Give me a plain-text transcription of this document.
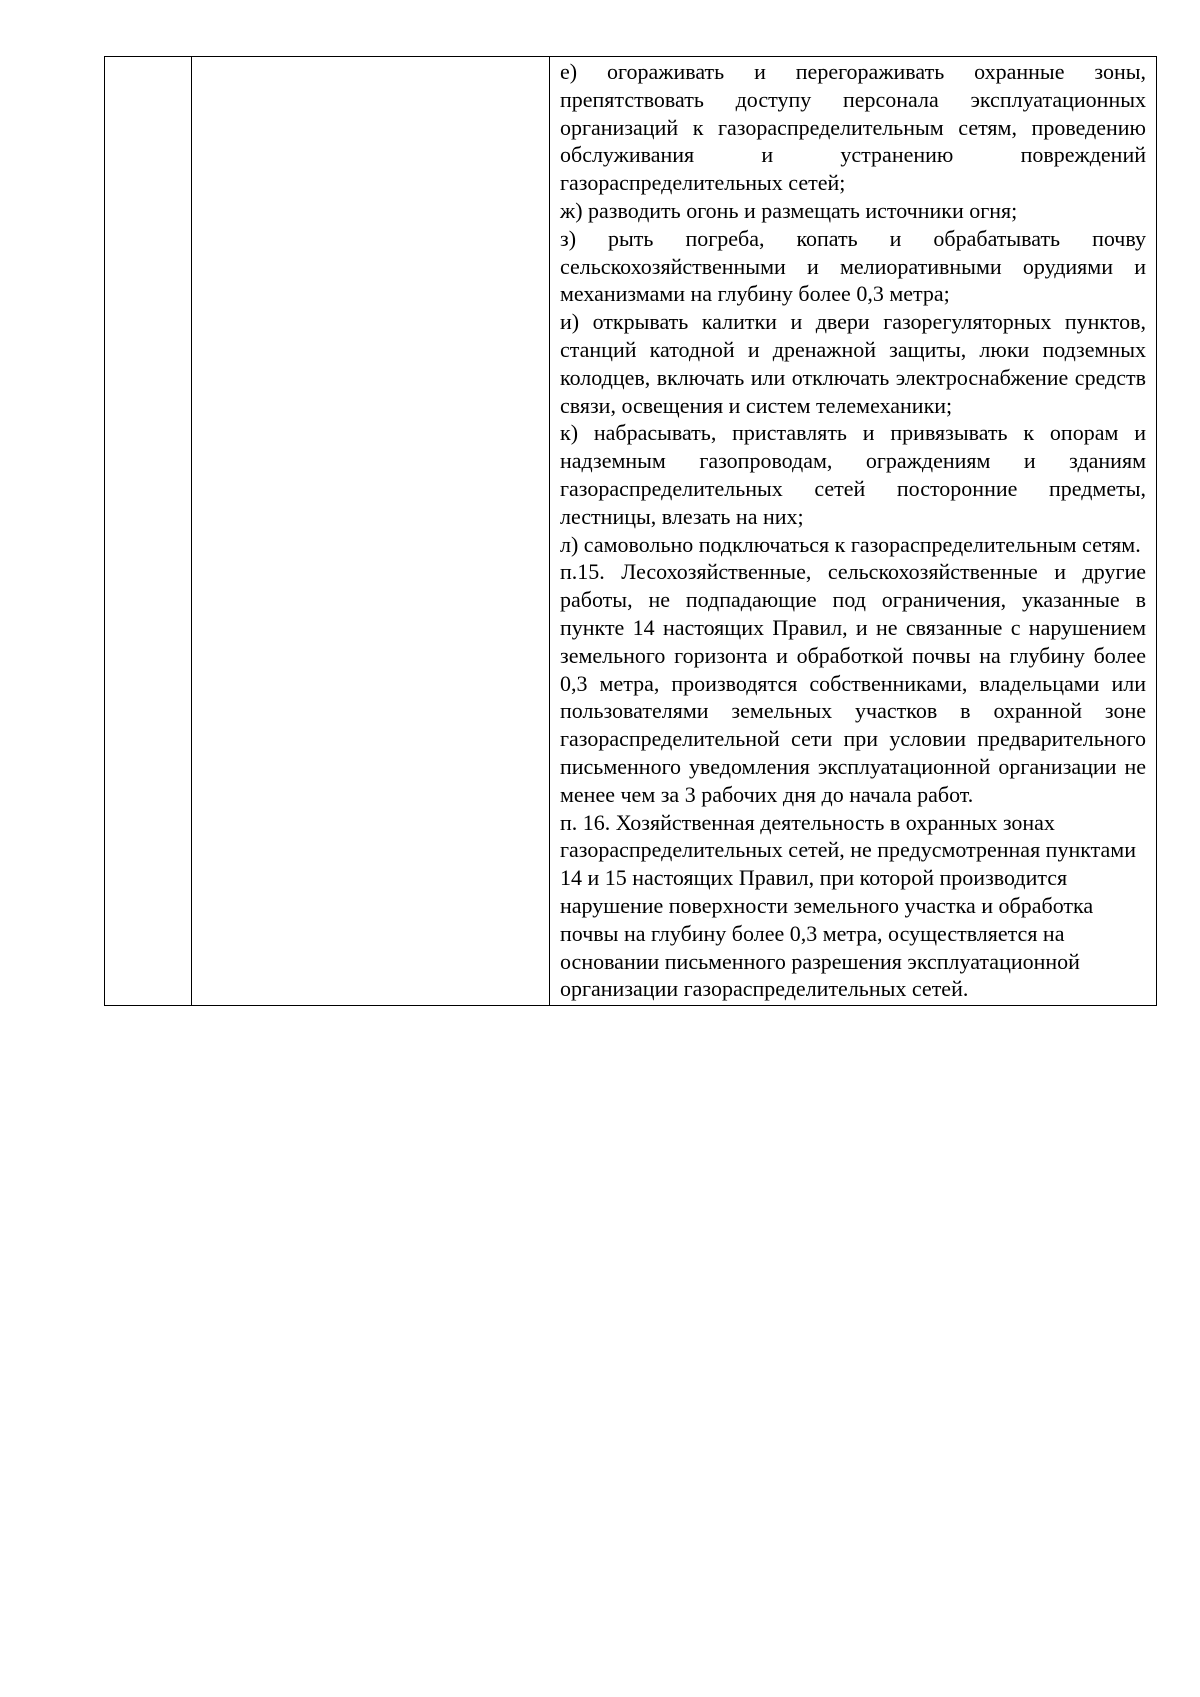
е) огораживать и перегораживать охранные зоны, препятствовать доступу персонала эксплуатационных организаций к газораспределительным сетям, проведению обслуживания и устранению повреждений газораспределительных сетей;

ж) разводить огонь и размещать источники огня;

з) рыть погреба, копать и обрабатывать почву сельскохозяйственными и мелиоративными орудиями и механизмами на глубину более 0,3 метра;

и) открывать калитки и двери газорегуляторных пунктов, станций катодной и дренажной защиты, люки подземных колодцев, включать или отключать электроснабжение средств связи, освещения и систем телемеханики;

к) набрасывать, приставлять и привязывать к опорам и надземным газопроводам, ограждениям и зданиям газораспределительных сетей посторонние предметы, лестницы, влезать на них;

л) самовольно подключаться к газораспределительным сетям.

п.15. Лесохозяйственные, сельскохозяйственные и другие работы, не подпадающие под ограничения, указанные в пункте 14 настоящих Правил, и не связанные с нарушением земельного горизонта и обработкой почвы на глубину более 0,3 метра, производятся собственниками, владельцами или пользователями земельных участков в охранной зоне газораспределительной сети при условии предварительного письменного уведомления эксплуатационной организации не менее чем за 3 рабочих дня до начала работ.

п. 16. Хозяйственная деятельность в охранных зонах газораспределительных сетей, не предусмотренная пунктами 14 и 15 настоящих Правил, при которой производится нарушение поверхности земельного участка и обработка почвы на глубину более 0,3 метра, осуществляется на основании письменного разрешения эксплуатационной организации газораспределительных сетей.
